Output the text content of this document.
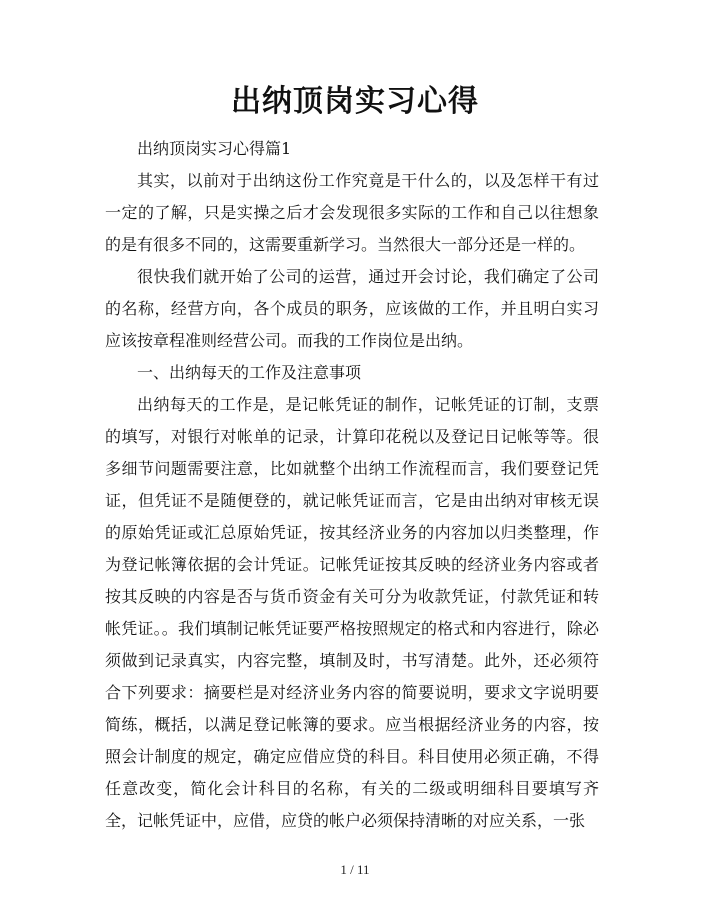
出纳顶岗实习心得

出纳顶岗实习心得篇1

其实，以前对于出纳这份工作究竟是干什么的，以及怎样干有过一定的了解，只是实操之后才会发现很多实际的工作和自己以往想象的是有很多不同的，这需要重新学习。当然很大一部分还是一样的。

很快我们就开始了公司的运营，通过开会讨论，我们确定了公司的名称，经营方向，各个成员的职务，应该做的工作，并且明白实习应该按章程准则经营公司。而我的工作岗位是出纳。

一、出纳每天的工作及注意事项

出纳每天的工作是，是记帐凭证的制作，记帐凭证的订制，支票的填写，对银行对帐单的记录，计算印花税以及登记日记帐等等。很多细节问题需要注意，比如就整个出纳工作流程而言，我们要登记凭证，但凭证不是随便登的，就记帐凭证而言，它是由出纳对审核无误的原始凭证或汇总原始凭证，按其经济业务的内容加以归类整理，作为登记帐簿依据的会计凭证。记帐凭证按其反映的经济业务内容或者按其反映的内容是否与货币资金有关可分为收款凭证，付款凭证和转帐凭证。。我们填制记帐凭证要严格按照规定的格式和内容进行，除必须做到记录真实，内容完整，填制及时，书写清楚。此外，还必须符合下列要求：摘要栏是对经济业务内容的简要说明，要求文字说明要简练，概括，以满足登记帐簿的要求。应当根据经济业务的内容，按照会计制度的规定，确定应借应贷的科目。科目使用必须正确，不得任意改变，简化会计科目的名称，有关的二级或明细科目要填写齐全，记帐凭证中，应借，应贷的帐户必须保持清晰的对应关系，一张

1 / 11
